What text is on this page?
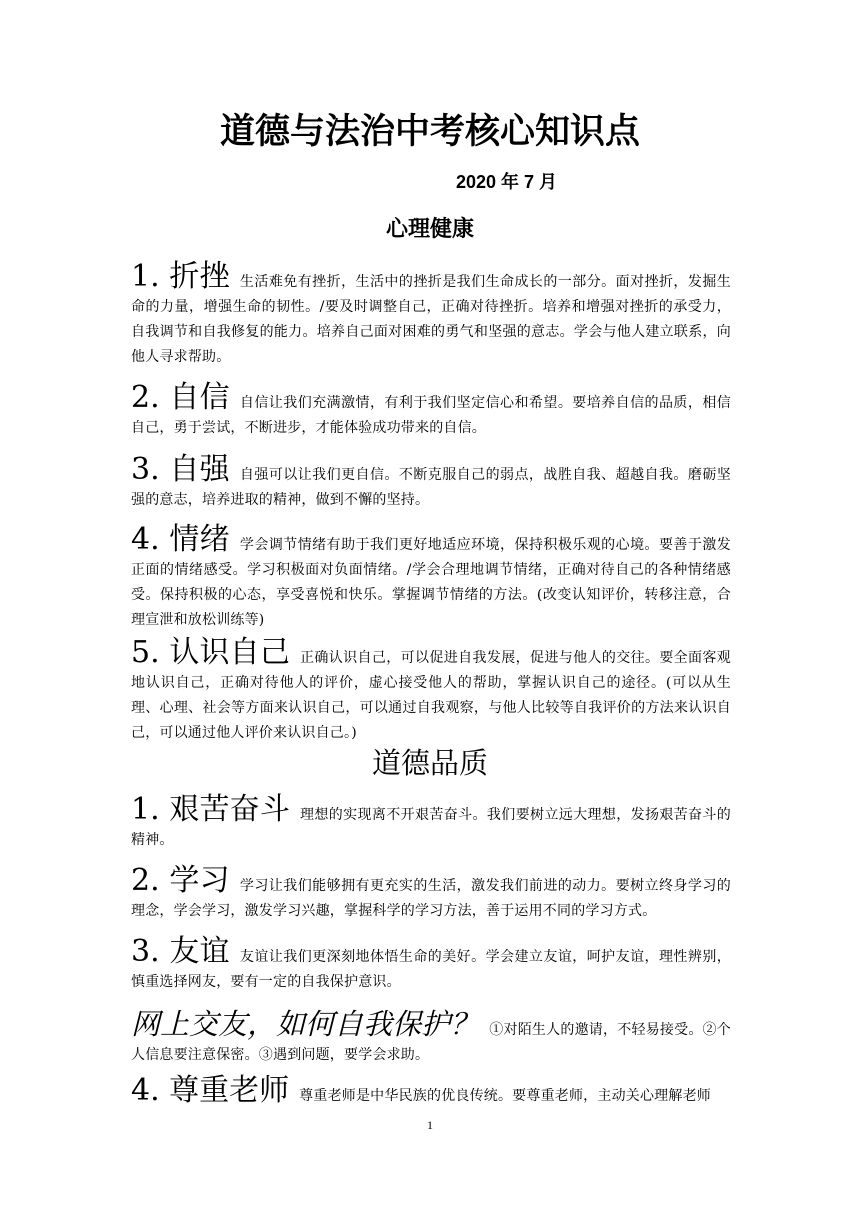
道德与法治中考核心知识点
2020 年 7 月
心理健康

1. 折挫 生活难免有挫折，生活中的挫折是我们生命成长的一部分。面对挫折，发掘生命的力量，增强生命的韧性。/要及时调整自己，正确对待挫折。培养和增强对挫折的承受力， 自我调节和自我修复的能力。培养自己面对困难的勇气和坚强的意志。学会与他人建立联系，向他人寻求帮助。

2. 自信 自信让我们充满激情，有利于我们坚定信心和希望。要培养自信的品质，相信自己，勇于尝试，不断进步，才能体验成功带来的自信。

3. 自强 自强可以让我们更自信。不断克服自己的弱点，战胜自我、超越自我。磨砺坚强的意志，培养进取的精神，做到不懈的坚持。

4. 情绪 学会调节情绪有助于我们更好地适应环境，保持积极乐观的心境。要善于激发正面的情绪感受。学习积极面对负面情绪。/学会合理地调节情绪，正确对待自己的各种情绪感受。保持积极的心态，享受喜悦和快乐。掌握调节情绪的方法。(改变认知评价，转移注意，合理宣泄和放松训练等)

5. 认识自己 正确认识自己，可以促进自我发展，促进与他人的交往。要全面客观地认识自己，正确对待他人的评价，虚心接受他人的帮助，掌握认识自己的途径。(可以从生理、心理、社会等方面来认识自己，可以通过自我观察，与他人比较等自我评价的方法来认识自己，可以通过他人评价来认识自己。)

道德品质

1. 艰苦奋斗 理想的实现离不开艰苦奋斗。我们要树立远大理想，发扬艰苦奋斗的精神。

2. 学习 学习让我们能够拥有更充实的生活，激发我们前进的动力。要树立终身学习的理念，学会学习，激发学习兴趣，掌握科学的学习方法，善于运用不同的学习方式。

3. 友谊 友谊让我们更深刻地体悟生命的美好。学会建立友谊，呵护友谊，理性辨别，慎重选择网友，要有一定的自我保护意识。

网上交友，如何自我保护？ ①对陌生人的邀请，不轻易接受。②个人信息要注意保密。③遇到问题，要学会求助。

4. 尊重老师 尊重老师是中华民族的优良传统。要尊重老师，主动关心理解老师

1
